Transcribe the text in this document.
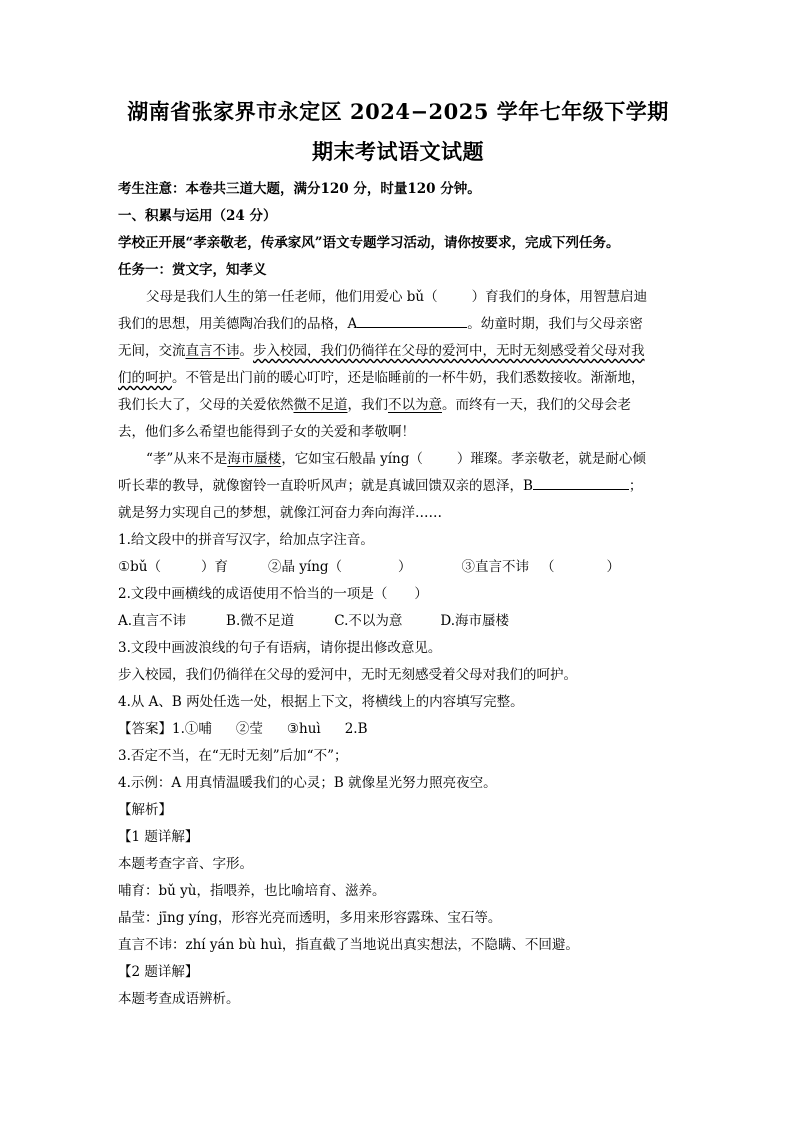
湖南省张家界市永定区 2024−2025 学年七年级下学期
期末考试语文试题
考生注意：本卷共三道大题，满分120 分，时量120 分钟。
一、积累与运用（24 分）
学校正开展“孝亲敬老，传承家风”语文专题学习活动，请你按要求，完成下列任务。
任务一：赏文字，知孝义
父母是我们人生的第一任老师，他们用爱心 bǔ（	）育我们的身体，用智慧启迪
我们的思想，用美德陶冶我们的品格，A	。幼童时期，我们与父母亲密
无间，交流直言不讳。步入校园，我们仍徜徉在父母的爱河中，无时无刻感受着父母对我
们的呵护。不管是出门前的暖心叮咛，还是临睡前的一杯牛奶，我们悉数接收。渐渐地，
我们长大了，父母的关爱依然微不足道，我们不以为意。而终有一天，我们的父母会老
去，他们多么希望也能得到子女的关爱和孝敬啊！
“孝”从来不是海市蜃楼，它如宝石般晶 yíng（	）璀璨。孝亲敬老，就是耐心倾
听长辈的教导，就像窗铃一直聆听风声；就是真诚回馈双亲的恩泽，B	；
就是努力实现自己的梦想，就像江河奋力奔向海洋……
1.给文段中的拼音写汉字，给加点字注音。
①bǔ（	）育	②晶 yíng（	）	③直言不讳 （	）
2.文段中画横线的成语使用不恰当的一项是（　　）
A.直言不讳	B.微不足道	C.不以为意	D.海市蜃楼
3.文段中画波浪线的句子有语病，请你提出修改意见。
步入校园，我们仍徜徉在父母的爱河中，无时无刻感受着父母对我们的呵护。
4.从 A、B 两处任选一处，根据上下文，将横线上的内容填写完整。
【答案】1.①哺 ②莹 ③huì 2.B
3.否定不当，在“无时无刻”后加“不”；
4.示例：A 用真情温暖我们的心灵；B 就像星光努力照亮夜空。
【解析】
【1 题详解】
本题考查字音、字形。
哺育：bǔ yù，指喂养，也比喻培育、滋养。
晶莹：jīng yíng，形容光亮而透明，多用来形容露珠、宝石等。
直言不讳：zhí yán bù huì，指直截了当地说出真实想法，不隐瞒、不回避。
【2 题详解】
本题考查成语辨析。
